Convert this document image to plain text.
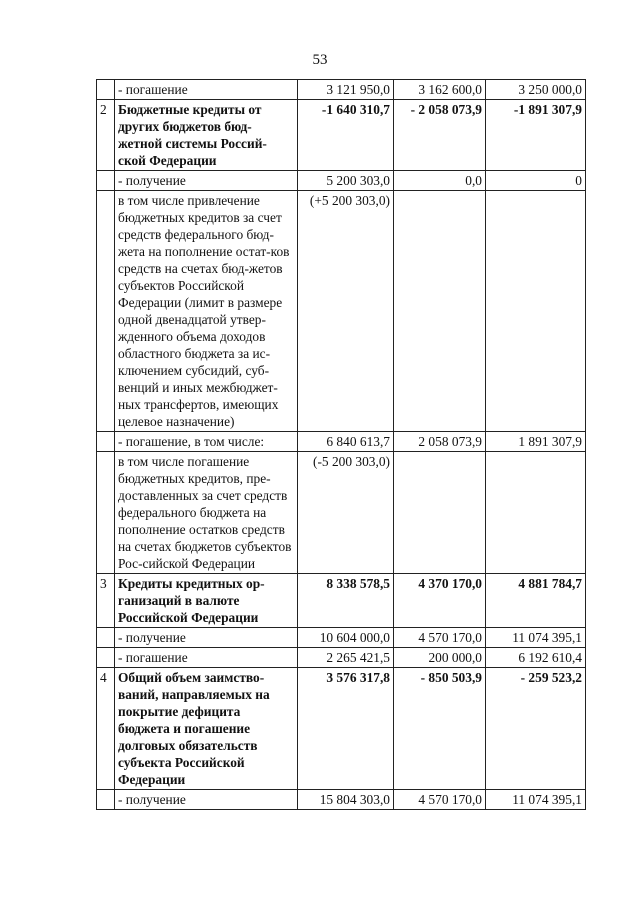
53
	- погашение	3 121 950,0	3 162 600,0	3 250 000,0
2	Бюджетные кредиты от других бюджетов бюд-жетной системы Россий-ской Федерации	-1 640 310,7	- 2 058 073,9	-1 891 307,9
	- получение	5 200 303,0	0,0	0
	в том числе привлечение бюджетных кредитов за счет средств федерального бюд-жета на пополнение остат-ков средств на счетах бюд-жетов субъектов Российской Федерации (лимит в размере одной двенадцатой утвер-жденного объема доходов областного бюджета за ис-ключением субсидий, суб-венций и иных межбюджет-ных трансфертов, имеющих целевое назначение)	(+5 200 303,0)		
	- погашение, в том числе:	6 840 613,7	2 058 073,9	1 891 307,9
	в том числе погашение бюджетных кредитов, пре-доставленных за счет средств федерального бюджета на пополнение остатков средств на счетах бюджетов субъектов Рос-сийской Федерации	(-5 200 303,0)		
3	Кредиты кредитных ор-ганизаций в валюте Российской Федерации	8 338 578,5	4 370 170,0	4 881 784,7
	- получение	10 604 000,0	4 570 170,0	11 074 395,1
	- погашение	2 265 421,5	200 000,0	6 192 610,4
4	Общий объем заимство-ваний, направляемых на покрытие дефицита бюджета и погашение долговых обязательств субъекта Российской Федерации	3 576 317,8	- 850 503,9	- 259 523,2
	- получение	15 804 303,0	4 570 170,0	11 074 395,1
